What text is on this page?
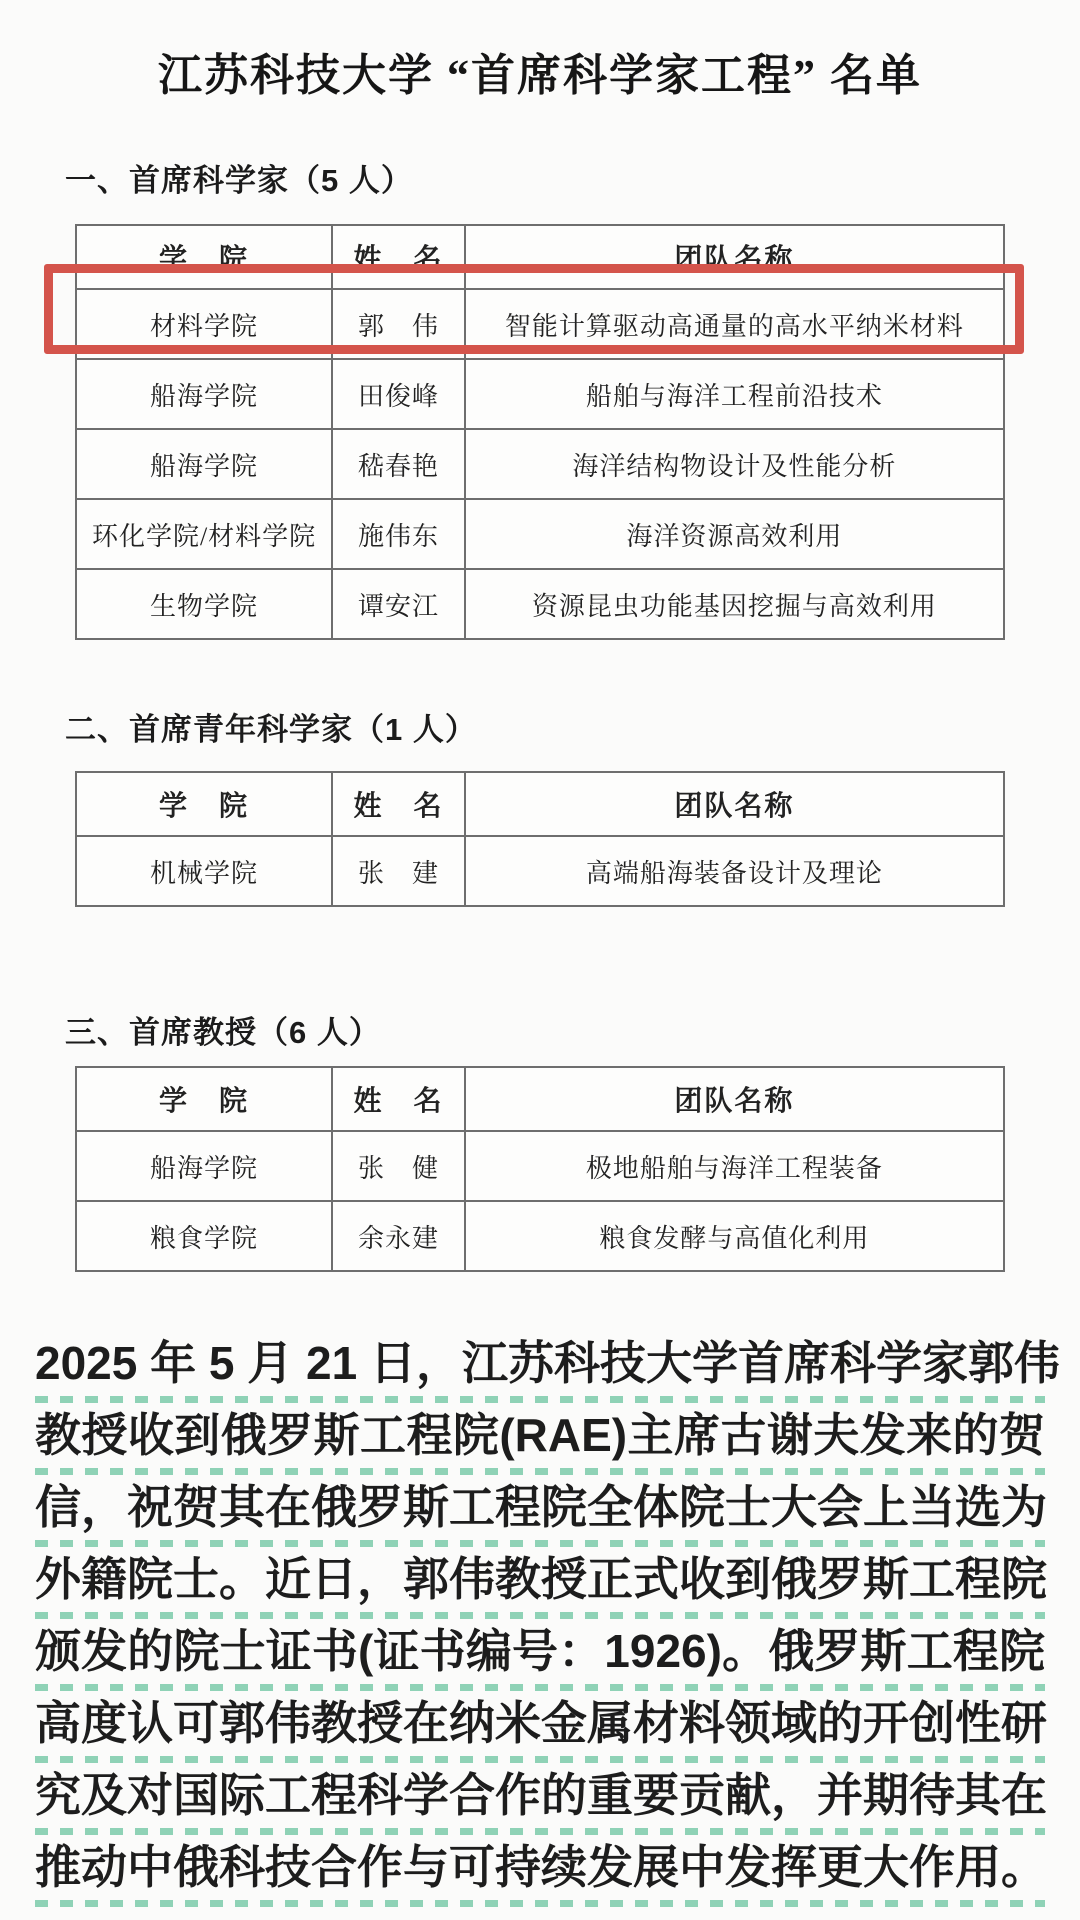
江苏科技大学 “首席科学家工程” 名单
一、首席科学家（5 人）
学　院	姓　名	团队名称
材料学院	郭　伟	智能计算驱动高通量的高水平纳米材料
船海学院	田俊峰	船舶与海洋工程前沿技术
船海学院	嵇春艳	海洋结构物设计及性能分析
环化学院/材料学院	施伟东	海洋资源高效利用
生物学院	谭安江	资源昆虫功能基因挖掘与高效利用
二、首席青年科学家（1 人）
学　院	姓　名	团队名称
机械学院	张　建	高端船海装备设计及理论
三、首席教授（6 人）
学　院	姓　名	团队名称
船海学院	张　健	极地船舶与海洋工程装备
粮食学院	余永建	粮食发酵与高值化利用
2025 年 5 月 21 日，江苏科技大学首席科学家郭伟
教授收到俄罗斯工程院(RAE)主席古谢夫发来的贺
信，祝贺其在俄罗斯工程院全体院士大会上当选为
外籍院士。近日，郭伟教授正式收到俄罗斯工程院
颁发的院士证书(证书编号：1926)。俄罗斯工程院
高度认可郭伟教授在纳米金属材料领域的开创性研
究及对国际工程科学合作的重要贡献，并期待其在
推动中俄科技合作与可持续发展中发挥更大作用。
